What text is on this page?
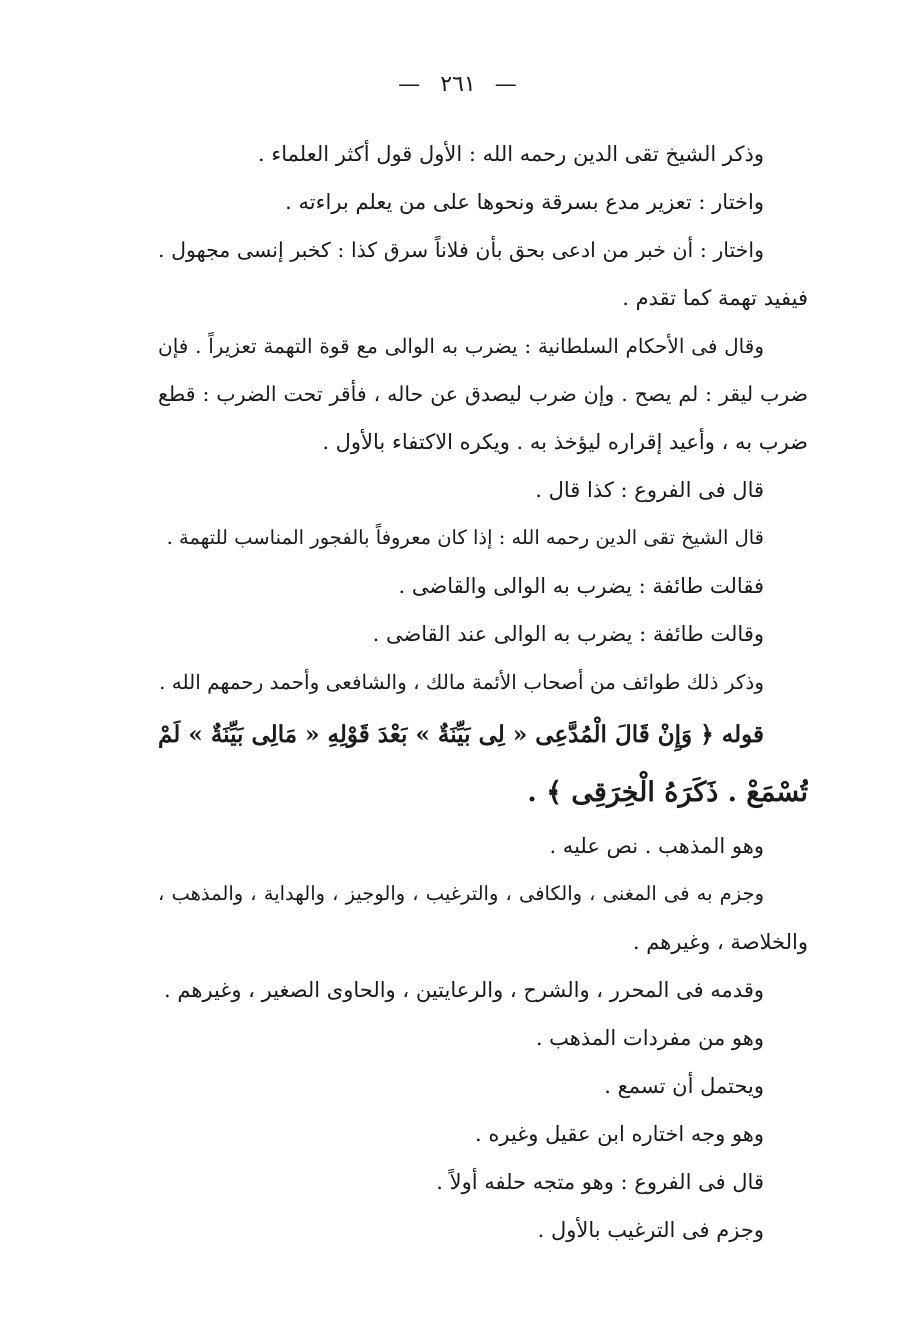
— ٢٦١ —
وذكر الشيخ تقى الدين رحمه الله : الأول قول أكثر العلماء .
واختار : تعزير مدع بسرقة ونحوها على من يعلم براءته .
واختار : أن خبر من ادعى بحق بأن فلاناً سرق كذا : كخبر إنسى مجهول .
فيفيد تهمة كما تقدم .
وقال فى الأحكام السلطانية : يضرب به الوالى مع قوة التهمة تعزيراً . فإن
ضرب ليقر : لم يصح . وإن ضرب ليصدق عن حاله ، فأقر تحت الضرب : قطع
ضرب به ، وأعيد إقراره ليؤخذ به . ويكره الاكتفاء بالأول .
قال فى الفروع : كذا قال .
قال الشيخ تقى الدين رحمه الله : إذا كان معروفاً بالفجور المناسب للتهمة .
فقالت طائفة : يضرب به الوالى والقاضى .
وقالت طائفة : يضرب به الوالى عند القاضى .
وذكر ذلك طوائف من أصحاب الأئمة مالك ، والشافعى وأحمد رحمهم الله .
قوله ﴿ وَإِنْ قَالَ الْمُدَّعِى « لِى بَيِّنَةٌ » بَعْدَ قَوْلِهِ « مَالِى بَيِّنَةٌ » لَمْ
تُسْمَعْ . ذَكَرَهُ الْخِرَقِى ﴾ .
وهو المذهب . نص عليه .
وجزم به فى المغنى ، والكافى ، والترغيب ، والوجيز ، والهداية ، والمذهب ،
والخلاصة ، وغيرهم .
وقدمه فى المحرر ، والشرح ، والرعايتين ، والحاوى الصغير ، وغيرهم .
وهو من مفردات المذهب .
ويحتمل أن تسمع .
وهو وجه اختاره ابن عقيل وغيره .
قال فى الفروع : وهو متجه حلفه أولاً .
وجزم فى الترغيب بالأول .
